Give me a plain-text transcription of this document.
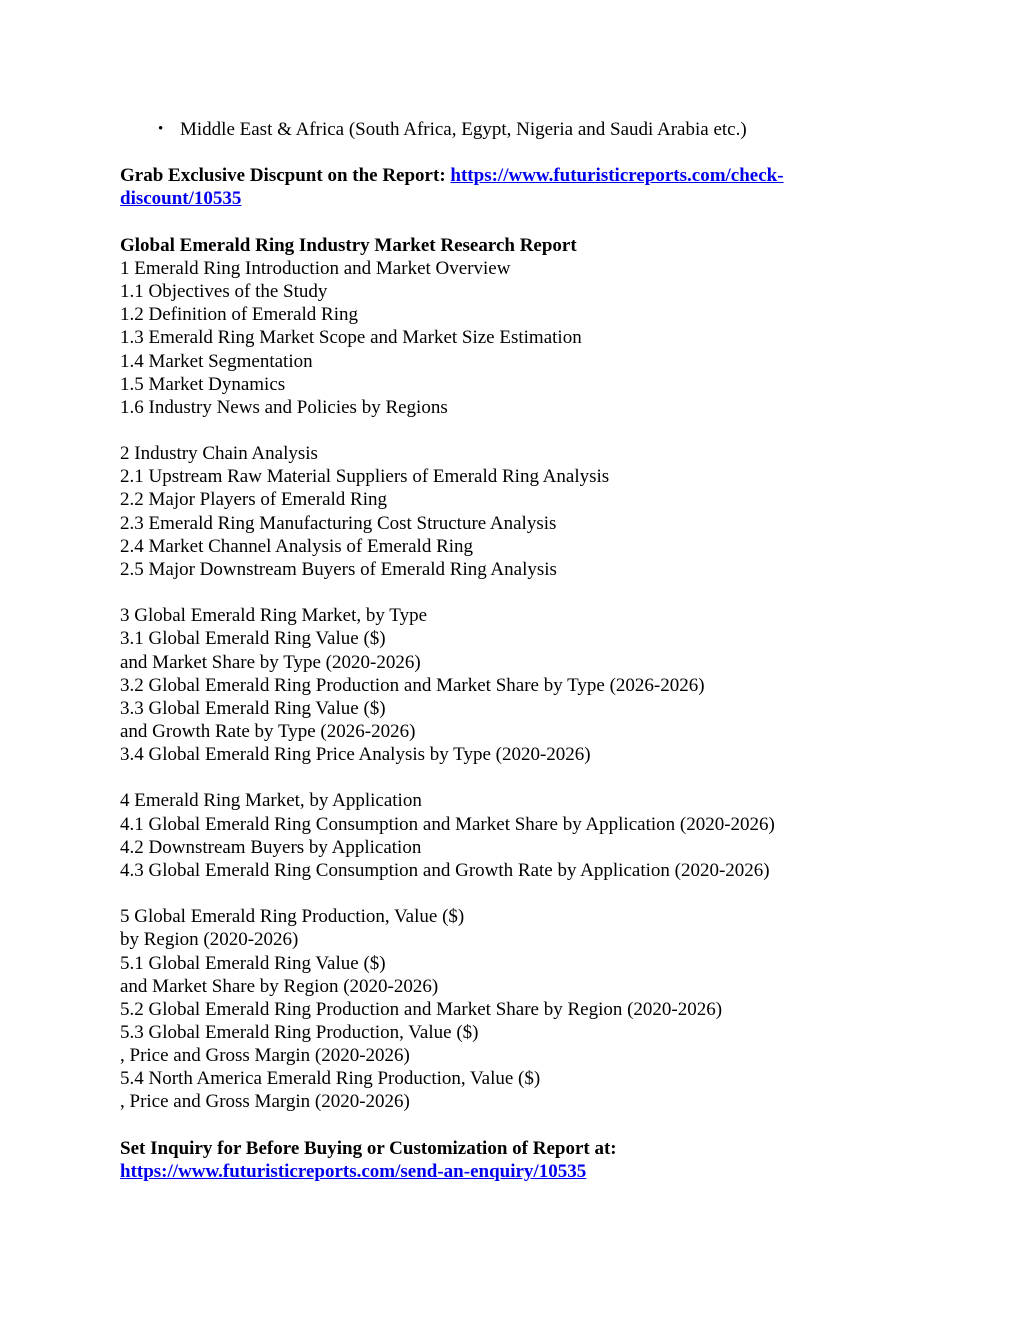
• Middle East & Africa (South Africa, Egypt, Nigeria and Saudi Arabia etc.)
Grab Exclusive Discpunt on the Report: https://www.futuristicreports.com/check-
discount/10535
Global Emerald Ring Industry Market Research Report
1 Emerald Ring Introduction and Market Overview
1.1 Objectives of the Study
1.2 Definition of Emerald Ring
1.3 Emerald Ring Market Scope and Market Size Estimation
1.4 Market Segmentation
1.5 Market Dynamics
1.6 Industry News and Policies by Regions
2 Industry Chain Analysis
2.1 Upstream Raw Material Suppliers of Emerald Ring Analysis
2.2 Major Players of Emerald Ring
2.3 Emerald Ring Manufacturing Cost Structure Analysis
2.4 Market Channel Analysis of Emerald Ring
2.5 Major Downstream Buyers of Emerald Ring Analysis
3 Global Emerald Ring Market, by Type
3.1 Global Emerald Ring Value ($)
and Market Share by Type (2020-2026)
3.2 Global Emerald Ring Production and Market Share by Type (2026-2026)
3.3 Global Emerald Ring Value ($)
and Growth Rate by Type (2026-2026)
3.4 Global Emerald Ring Price Analysis by Type (2020-2026)
4 Emerald Ring Market, by Application
4.1 Global Emerald Ring Consumption and Market Share by Application (2020-2026)
4.2 Downstream Buyers by Application
4.3 Global Emerald Ring Consumption and Growth Rate by Application (2020-2026)
5 Global Emerald Ring Production, Value ($)
by Region (2020-2026)
5.1 Global Emerald Ring Value ($)
and Market Share by Region (2020-2026)
5.2 Global Emerald Ring Production and Market Share by Region (2020-2026)
5.3 Global Emerald Ring Production, Value ($)
, Price and Gross Margin (2020-2026)
5.4 North America Emerald Ring Production, Value ($)
, Price and Gross Margin (2020-2026)
Set Inquiry for Before Buying or Customization of Report at:
https://www.futuristicreports.com/send-an-enquiry/10535
